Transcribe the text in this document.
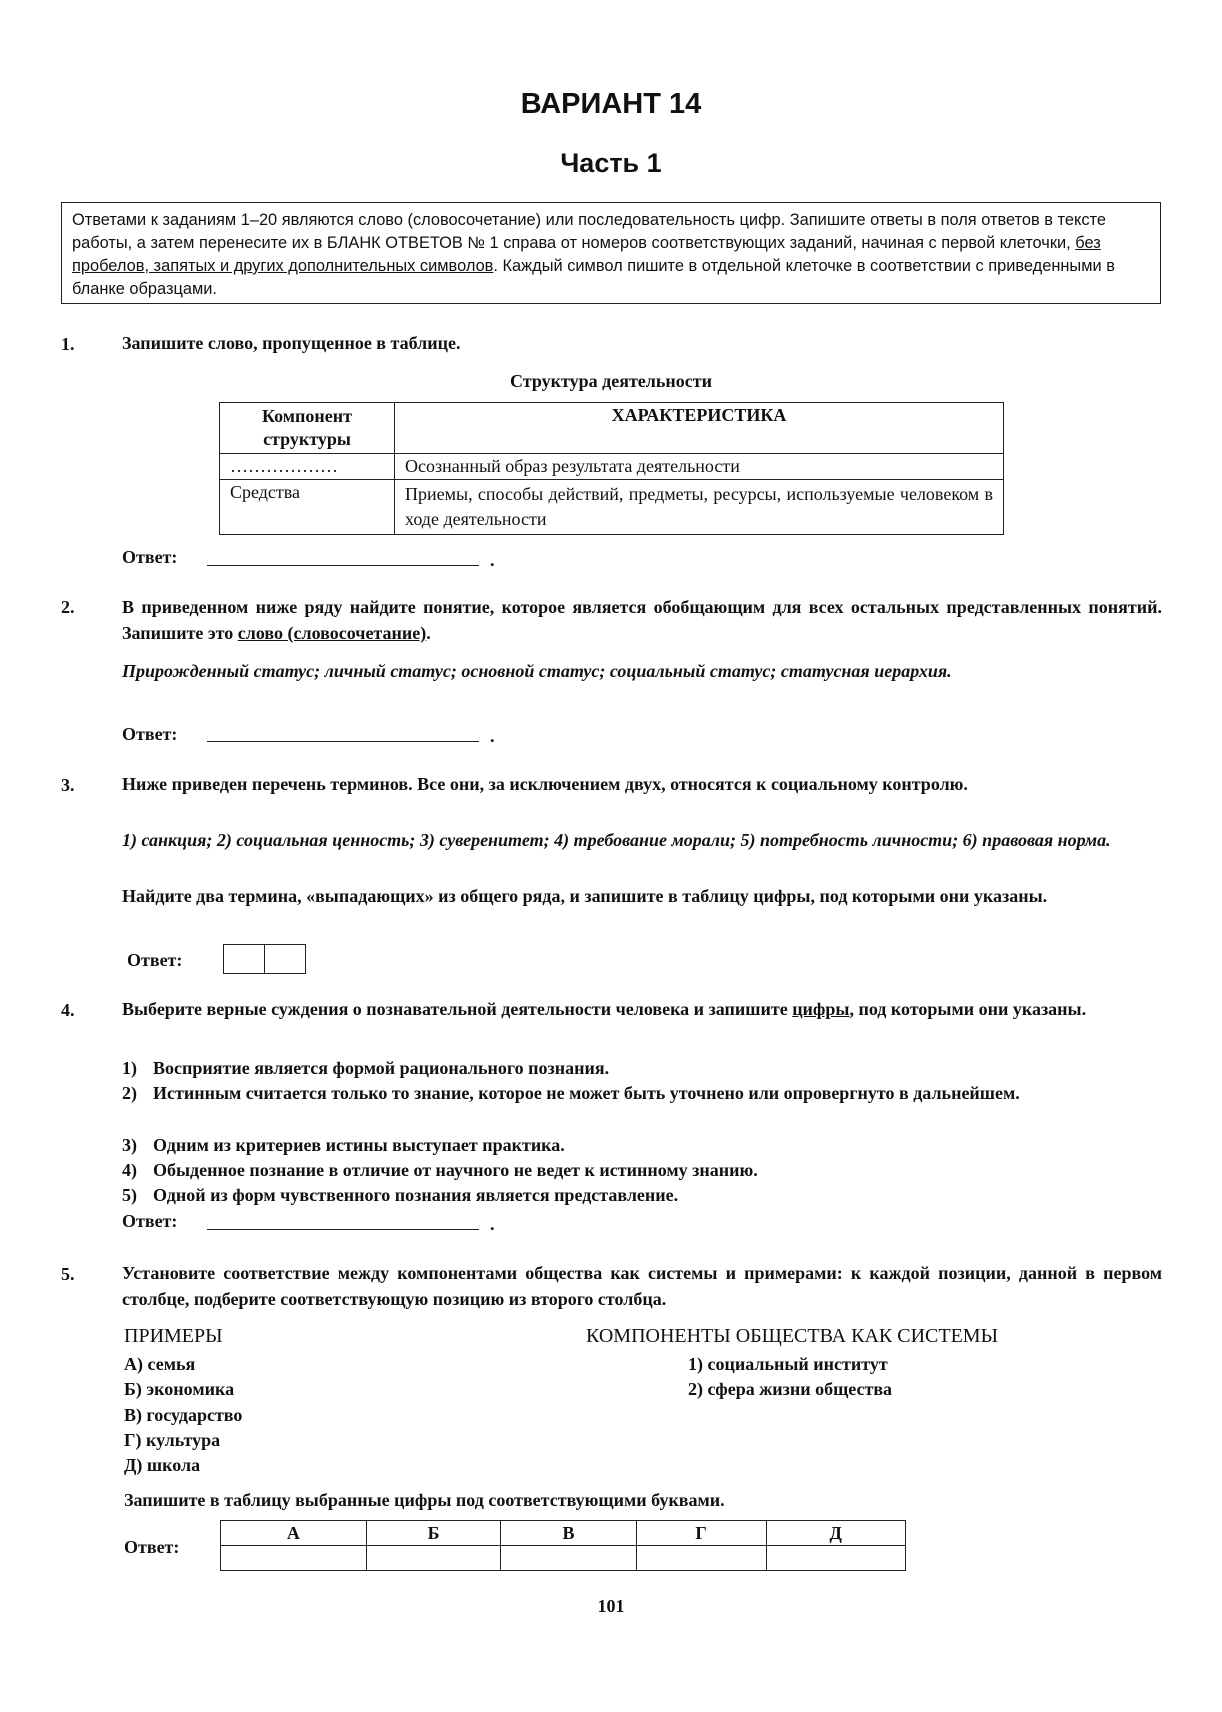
ВАРИАНТ 14
Часть 1
Ответами к заданиям 1–20 являются слово (словосочетание) или последовательность цифр. Запишите ответы в поля ответов в тексте работы, а затем перенесите их в БЛАНК ОТВЕТОВ № 1 справа от номеров соответствующих заданий, начиная с первой клеточки, без пробелов, запятых и других дополнительных символов. Каждый символ пишите в отдельной клеточке в соответствии с приведенными в бланке образцами.
1.	Запишите слово, пропущенное в таблице.
Структура деятельности
Компонент структуры	ХАРАКТЕРИСТИКА
………………	Осознанный образ результата деятельности
Средства	Приемы, способы действий, предметы, ресурсы, используемые человеком в ходе деятельности
Ответ:	.
2.	В приведенном ниже ряду найдите понятие, которое является обобщающим для всех остальных представленных понятий. Запишите это слово (словосочетание).
Прирожденный статус; личный статус; основной статус; социальный статус; статусная иерархия.
Ответ:	.
3.	Ниже приведен перечень терминов. Все они, за исключением двух, относятся к социальному контролю.
1) санкция; 2) социальная ценность; 3) суверенитет; 4) требование морали; 5) потребность личности; 6) правовая норма.
Найдите два термина, «выпадающих» из общего ряда, и запишите в таблицу цифры, под которыми они указаны.
Ответ:

4.	Выберите верные суждения о познавательной деятельности человека и запишите цифры, под которыми они указаны.
1) Восприятие является формой рационального познания.
2) Истинным считается только то знание, которое не может быть уточнено или опровергнуто в дальнейшем.
3) Одним из критериев истины выступает практика.
4) Обыденное познание в отличие от научного не ведет к истинному знанию.
5) Одной из форм чувственного познания является представление.
Ответ:	.
5.	Установите соответствие между компонентами общества как системы и примерами: к каждой позиции, данной в первом столбце, подберите соответствующую позицию из второго столбца.
ПРИМЕРЫ	КОМПОНЕНТЫ ОБЩЕСТВА КАК СИСТЕМЫ
А) семья
Б) экономика
В) государство
Г) культура
Д) школа
1) социальный институт
2) сфера жизни общества
Запишите в таблицу выбранные цифры под соответствующими буквами.
Ответ:
А	Б	В	Г	Д

101
